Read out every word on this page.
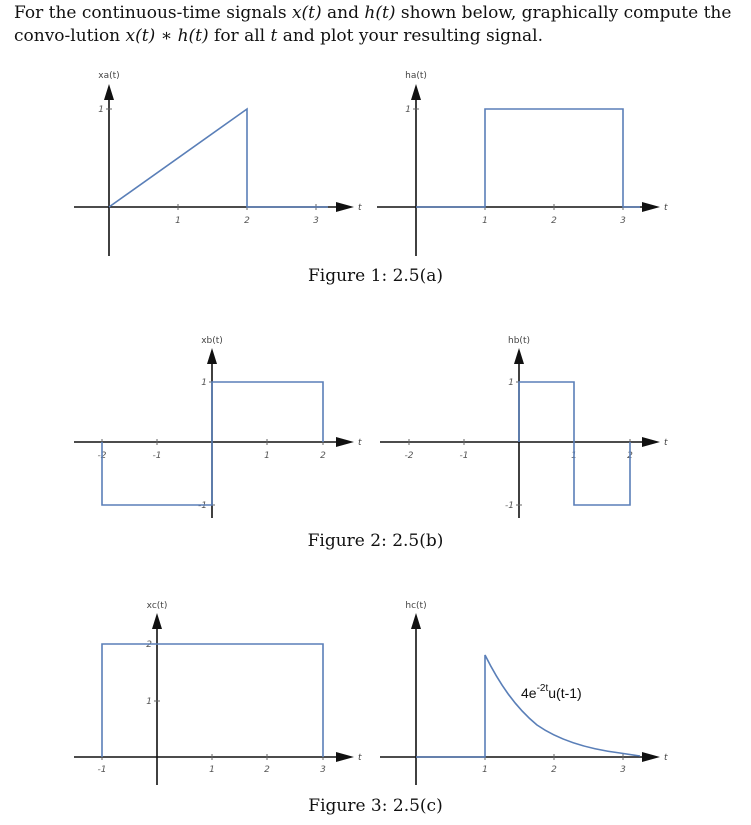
For the continuous-time signals x(t) and h(t) shown below, graphically compute the convo-lution x(t) ∗ h(t) for all t and plot your resulting signal.

1	2	3
1
xa(t)
t
1	2	3
1
ha(t)
t
Figure 1: 2.5(a)
-2	-1	1	2
1
-1
xb(t)
t
-2	-1	1	2
1
-1
hb(t)
t
Figure 2: 2.5(b)
-1	1	2	3
1
2
xc(t)
t
1	2	3
hc(t)
t
$4e^{-2t}u(t-1)$
Figure 3: 2.5(c)
